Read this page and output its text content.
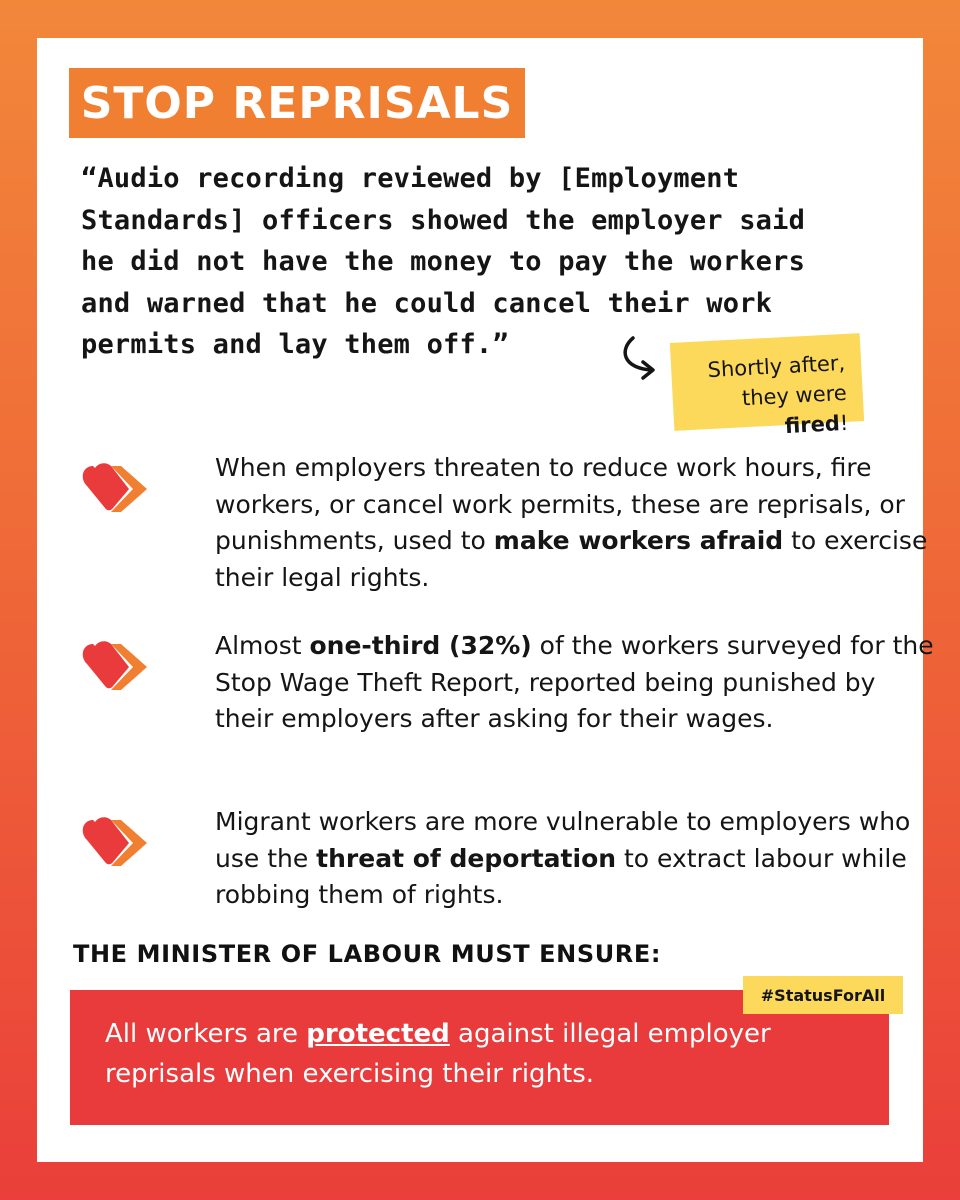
STOP REPRISALS
“Audio recording reviewed by [Employment
Standards] officers showed the employer said
he did not have the money to pay the workers
and warned that he could cancel their work
permits and lay them off.”
Shortly after,
they were fired!
When employers threaten to reduce work hours, fire workers, or cancel work permits, these are reprisals, or punishments, used to make workers afraid to exercise their legal rights.
Almost one-third (32%) of the workers surveyed for the Stop Wage Theft Report, reported being punished by their employers after asking for their wages.
Migrant workers are more vulnerable to employers who use the threat of deportation to extract labour while robbing them of rights.
THE MINISTER OF LABOUR MUST ENSURE:
All workers are protected against illegal employer reprisals when exercising their rights.
#StatusForAll
